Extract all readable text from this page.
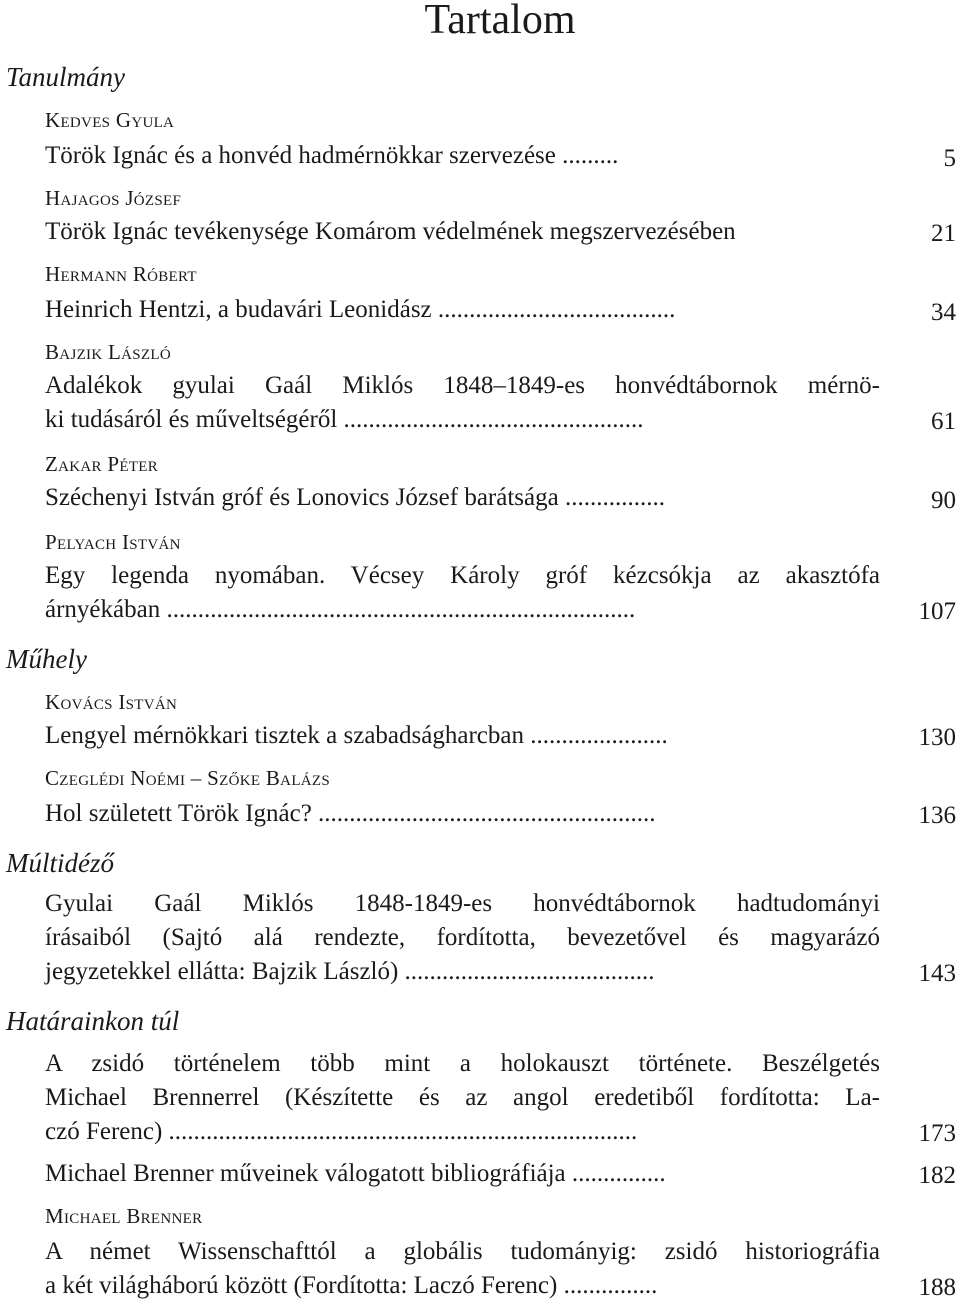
Tartalom
Tanulmány
Kedves Gyula
Török Ignác és a honvéd hadmérnökkar szervezése .........	5
Hajagos József
Török Ignác tevékenysége Komárom védelmének megszervezésében	21
Hermann Róbert
Heinrich Hentzi, a budavári Leonidász ......................................	34
Bajzik László
Adalékok gyulai Gaál Miklós 1848–1849-es honvédtábornok mérnö-
ki tudásáról és műveltségéről ................................................	61
Zakar Péter
Széchenyi István gróf és Lonovics József barátsága ................	90
Pelyach István
Egy legenda nyomában. Vécsey Károly gróf kézcsókja az akasztófa
árnyékában ...........................................................................	107
Műhely
Kovács István
Lengyel mérnökkari tisztek a szabadságharcban ......................	130
Czeglédi Noémi – Szőke Balázs
Hol született Török Ignác? ......................................................	136
Múltidéző
Gyulai Gaál Miklós 1848-1849-es honvédtábornok hadtudományi
írásaiból (Sajtó alá rendezte, fordította, bevezetővel és magyarázó
jegyzetekkel ellátta: Bajzik László) ........................................	143
Határainkon túl
A zsidó történelem több mint a holokauszt története. Beszélgetés
Michael Brennerrel (Készítette és az angol eredetiből fordította: La-
czó Ferenc) ...........................................................................	173
Michael Brenner műveinek válogatott bibliográfiája ...............	182
Michael Brenner
A német Wissenschafttól a globális tudományig: zsidó historiográfia
a két világháború között (Fordította: Laczó Ferenc) ...............	188
